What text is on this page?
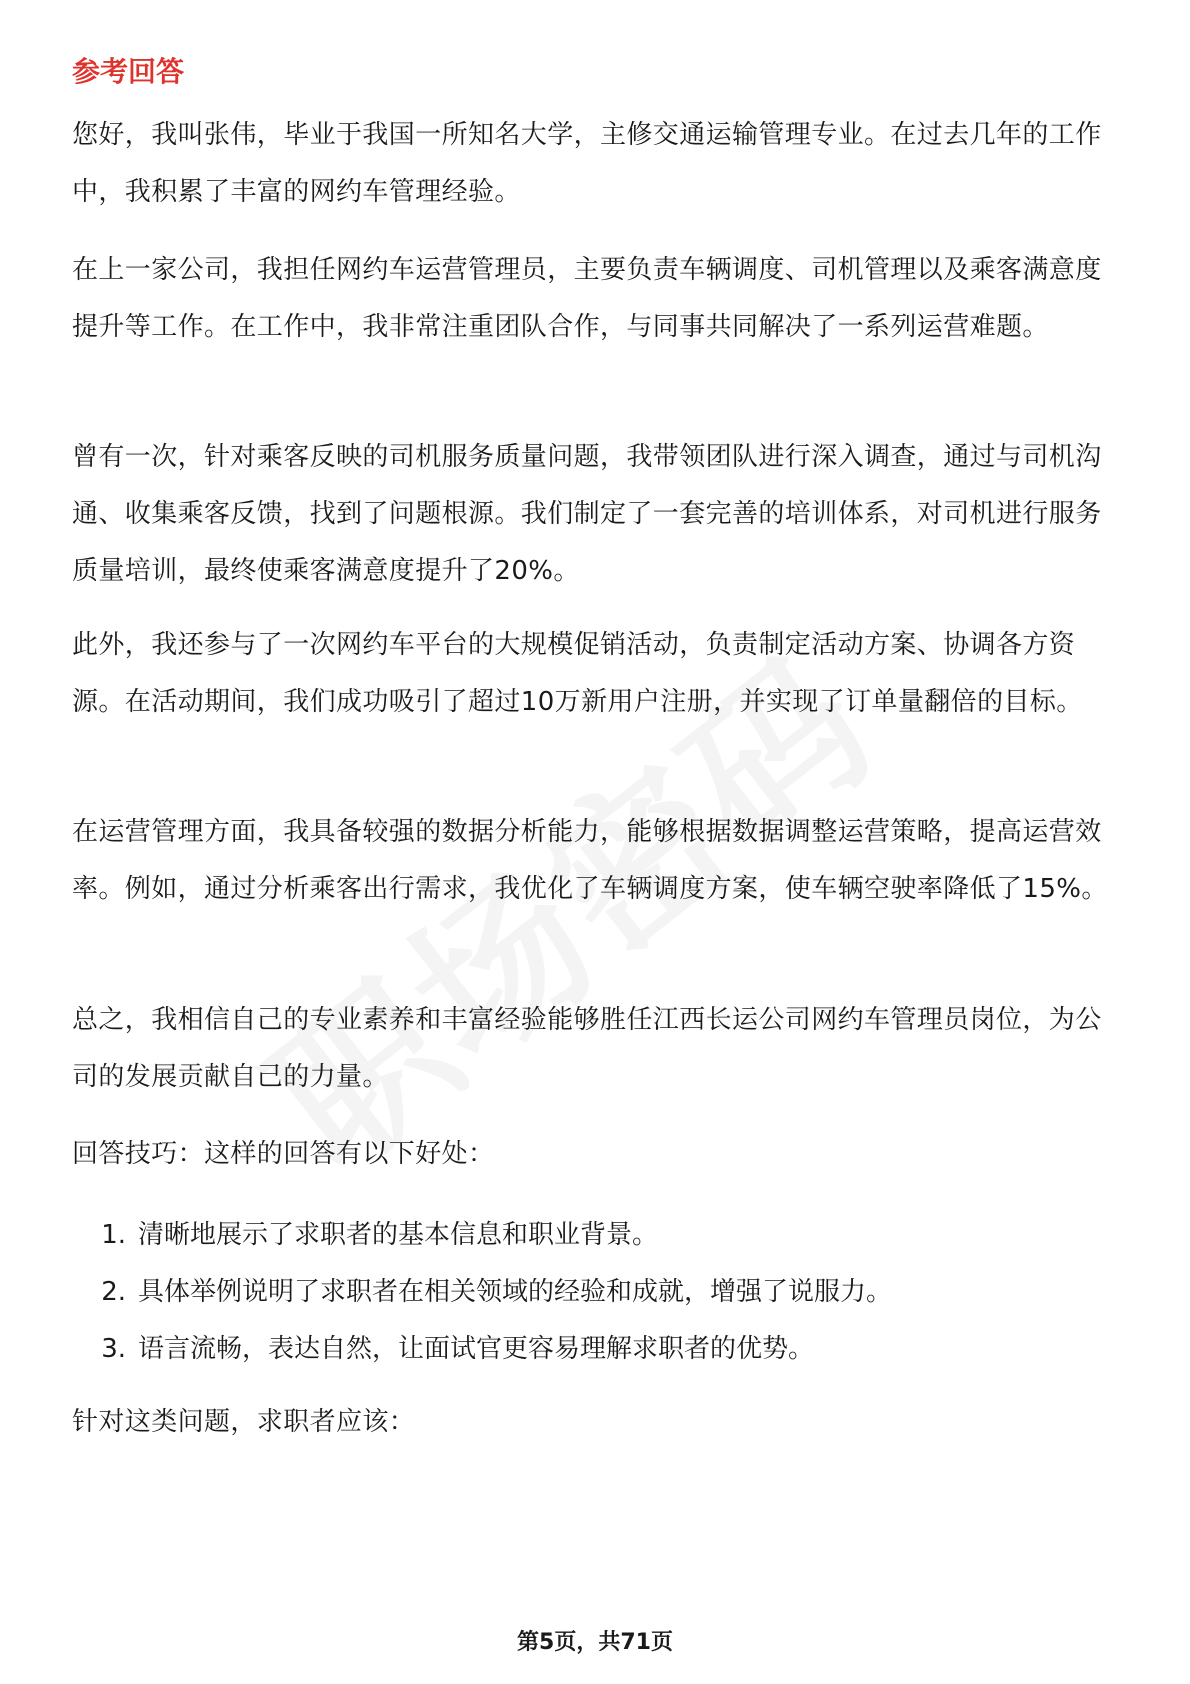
参考回答

您好，我叫张伟，毕业于我国一所知名大学，主修交通运输管理专业。在过去几年的工作中，我积累了丰富的网约车管理经验。

在上一家公司，我担任网约车运营管理员，主要负责车辆调度、司机管理以及乘客满意度提升等工作。在工作中，我非常注重团队合作，与同事共同解决了一系列运营难题。

曾有一次，针对乘客反映的司机服务质量问题，我带领团队进行深入调查，通过与司机沟通、收集乘客反馈，找到了问题根源。我们制定了一套完善的培训体系，对司机进行服务质量培训，最终使乘客满意度提升了20%。

此外，我还参与了一次网约车平台的大规模促销活动，负责制定活动方案、协调各方资源。在活动期间，我们成功吸引了超过10万新用户注册，并实现了订单量翻倍的目标。

在运营管理方面，我具备较强的数据分析能力，能够根据数据调整运营策略，提高运营效率。例如，通过分析乘客出行需求，我优化了车辆调度方案，使车辆空驶率降低了15%。

总之，我相信自己的专业素养和丰富经验能够胜任江西长运公司网约车管理员岗位，为公司的发展贡献自己的力量。

回答技巧：这样的回答有以下好处：

1. 清晰地展示了求职者的基本信息和职业背景。
2. 具体举例说明了求职者在相关领域的经验和成就，增强了说服力。
3. 语言流畅，表达自然，让面试官更容易理解求职者的优势。

针对这类问题，求职者应该：

第5页，共71页
